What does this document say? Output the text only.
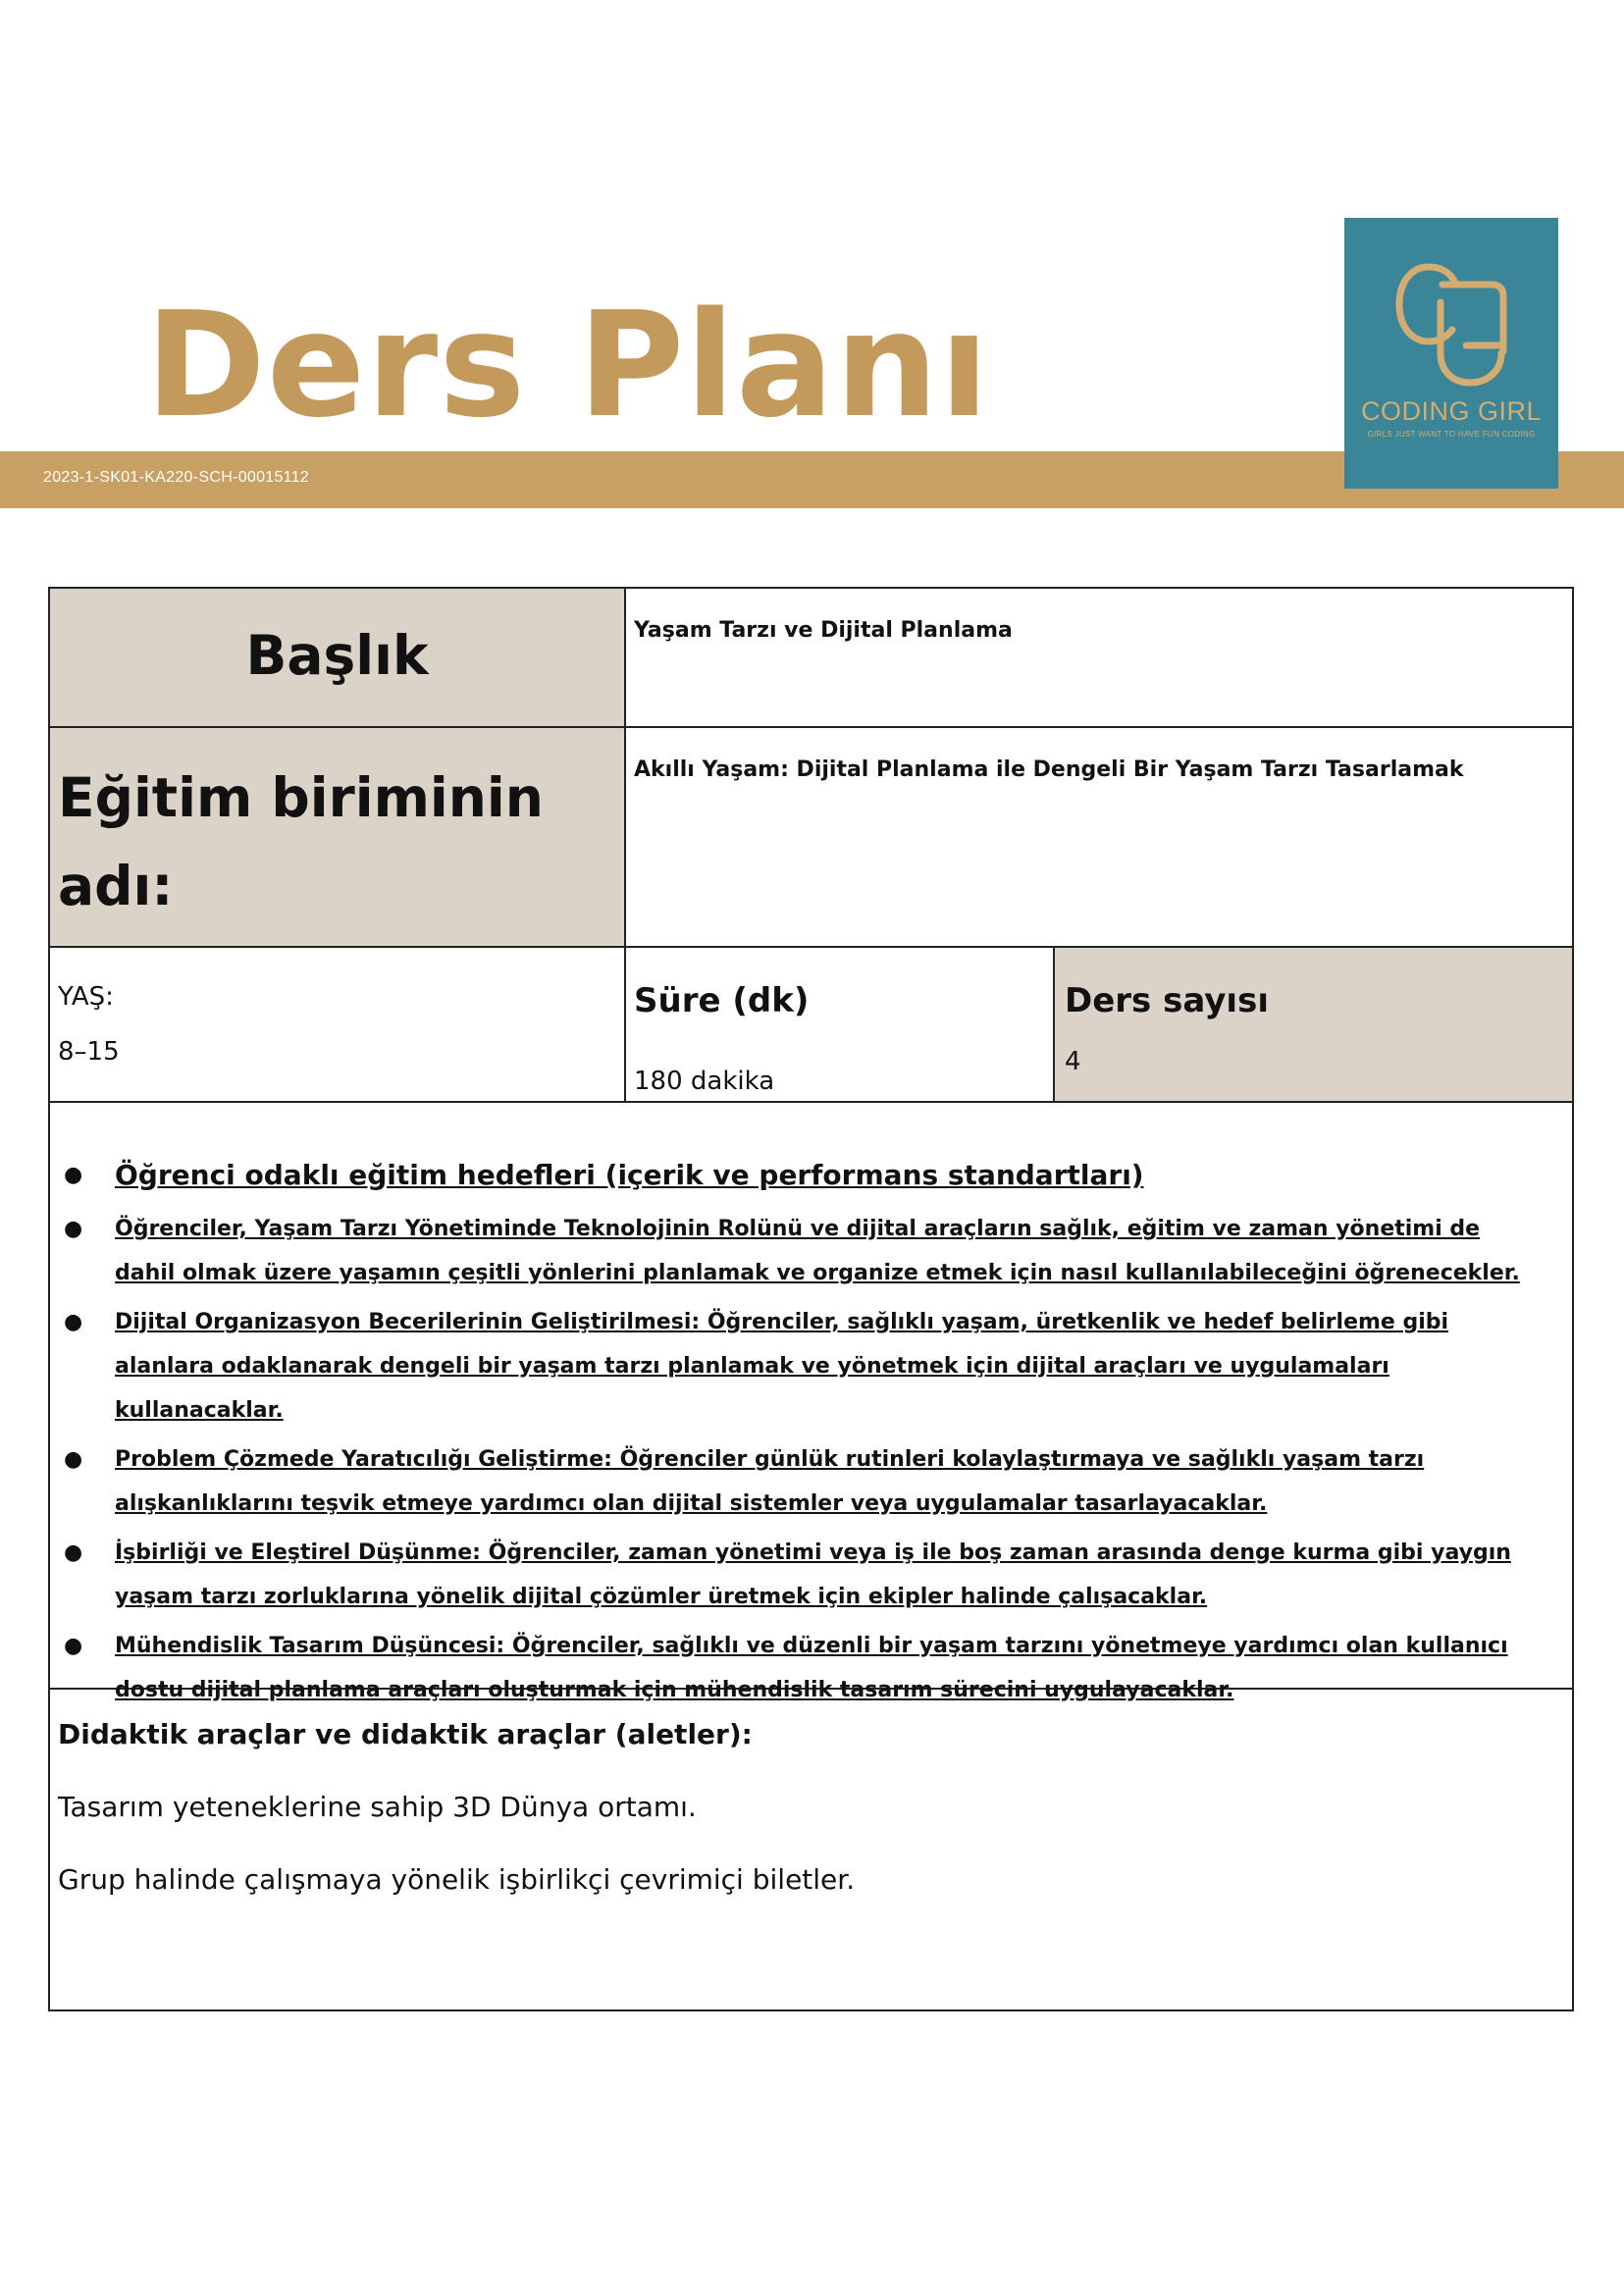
Ders Planı
2023-1-SK01-KA220-SCH-00015112
CODING GIRL
GIRLS JUST WANT TO HAVE FUN CODING
Başlık	Yaşam Tarzı ve Dijital Planlama

Eğitim biriminin adı:

Akıllı Yaşam: Dijital Planlama ile Dengeli Bir Yaşam Tarzı Tasarlamak
YAŞ:
8–15
Süre (dk)
180 dakika
Ders sayısı
4
● Öğrenci odaklı eğitim hedefleri (içerik ve performans standartları)
● Öğrenciler, Yaşam Tarzı Yönetiminde Teknolojinin Rolünü ve dijital araçların sağlık, eğitim ve zaman yönetimi de dahil olmak üzere yaşamın çeşitli yönlerini planlamak ve organize etmek için nasıl kullanılabileceğini öğrenecekler.
● Dijital Organizasyon Becerilerinin Geliştirilmesi: Öğrenciler, sağlıklı yaşam, üretkenlik ve hedef belirleme gibi alanlara odaklanarak dengeli bir yaşam tarzı planlamak ve yönetmek için dijital araçları ve uygulamaları kullanacaklar.
● Problem Çözmede Yaratıcılığı Geliştirme: Öğrenciler günlük rutinleri kolaylaştırmaya ve sağlıklı yaşam tarzı alışkanlıklarını teşvik etmeye yardımcı olan dijital sistemler veya uygulamalar tasarlayacaklar.
● İşbirliği ve Eleştirel Düşünme: Öğrenciler, zaman yönetimi veya iş ile boş zaman arasında denge kurma gibi yaygın yaşam tarzı zorluklarına yönelik dijital çözümler üretmek için ekipler halinde çalışacaklar.
● Mühendislik Tasarım Düşüncesi: Öğrenciler, sağlıklı ve düzenli bir yaşam tarzını yönetmeye yardımcı olan kullanıcı dostu dijital planlama araçları oluşturmak için mühendislik tasarım sürecini uygulayacaklar.
Didaktik araçlar ve didaktik araçlar (aletler):
Tasarım yeteneklerine sahip 3D Dünya ortamı.
Grup halinde çalışmaya yönelik işbirlikçi çevrimiçi biletler.
